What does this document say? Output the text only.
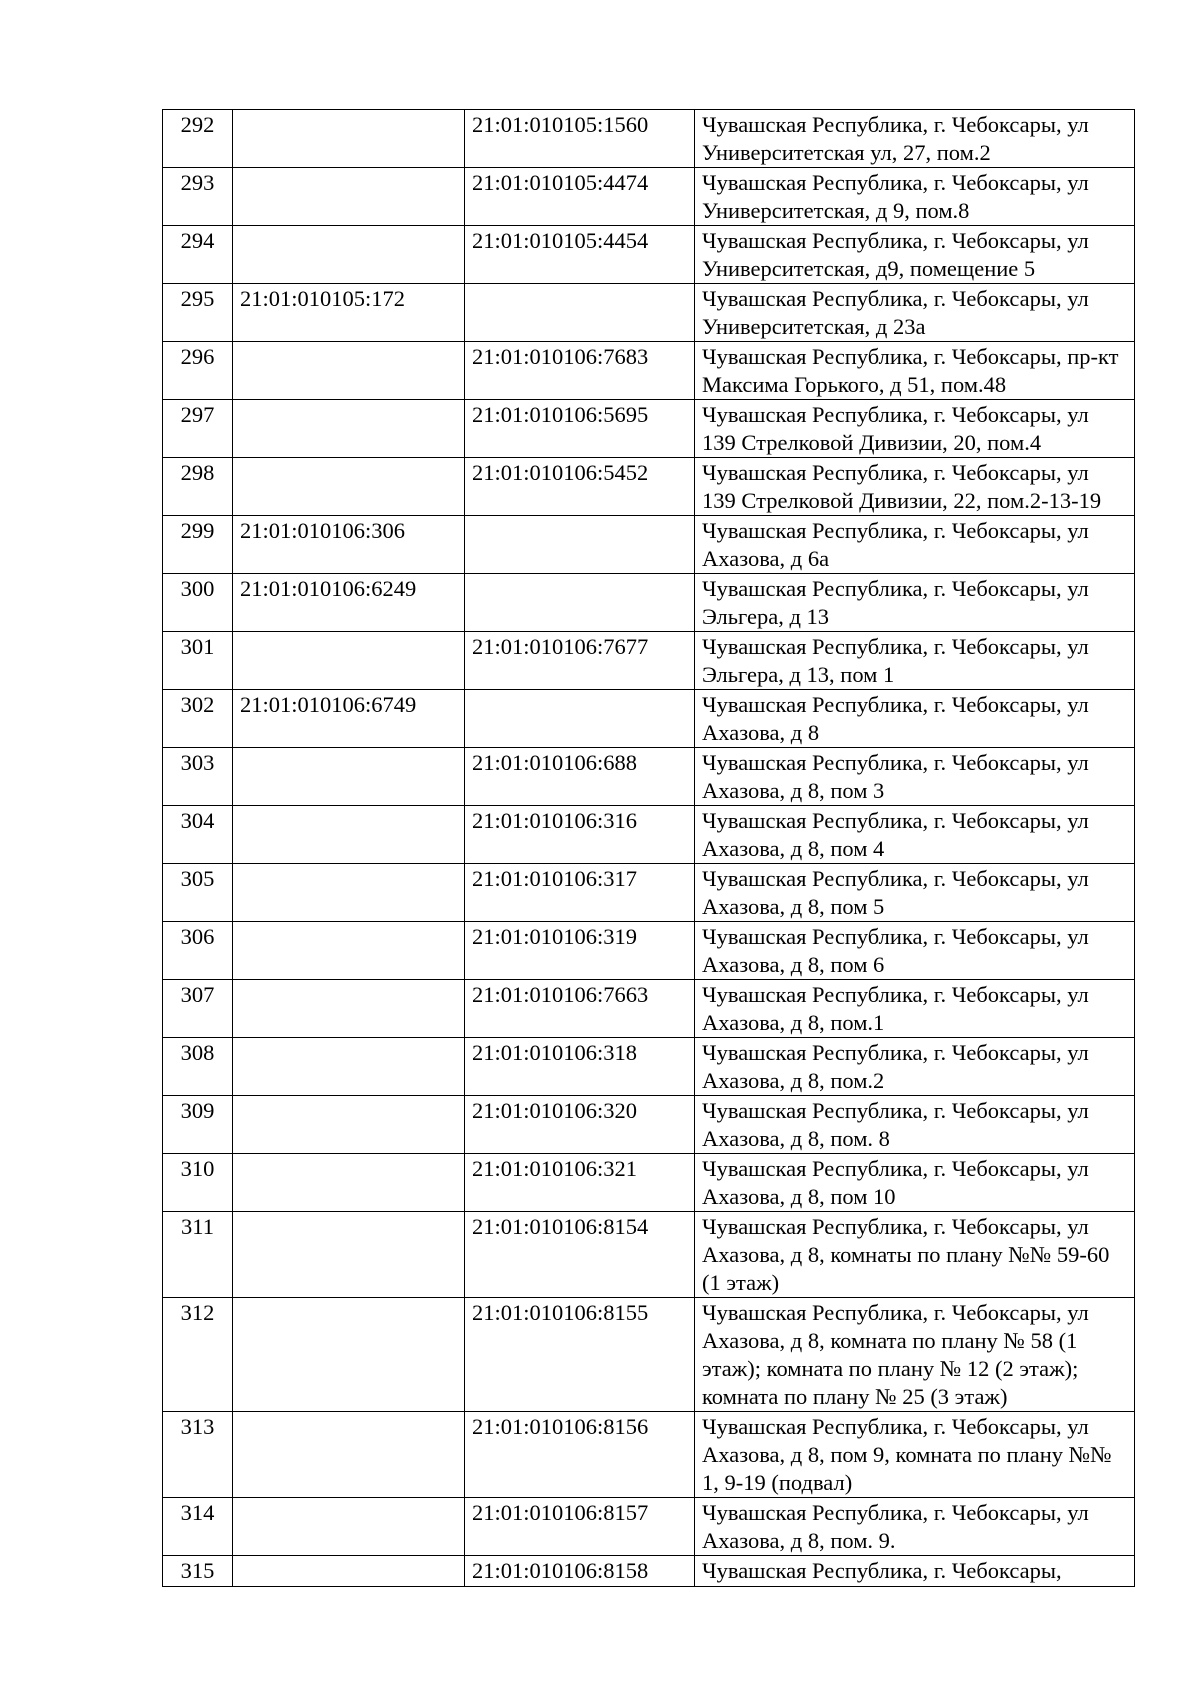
292		21:01:010105:1560	Чувашская Республика, г. Чебоксары, ул Университетская ул, 27, пом.2
293		21:01:010105:4474	Чувашская Республика, г. Чебоксары, ул Университетская, д 9, пом.8
294		21:01:010105:4454	Чувашская Республика, г. Чебоксары, ул Университетская, д9, помещение 5
295	21:01:010105:172		Чувашская Республика, г. Чебоксары, ул Университетская, д 23а
296		21:01:010106:7683	Чувашская Республика, г. Чебоксары, пр-кт Максима Горького, д 51, пом.48
297		21:01:010106:5695	Чувашская Республика, г. Чебоксары, ул 139 Стрелковой Дивизии, 20, пом.4
298		21:01:010106:5452	Чувашская Республика, г. Чебоксары, ул 139 Стрелковой Дивизии, 22, пом.2-13-19
299	21:01:010106:306		Чувашская Республика, г. Чебоксары, ул Ахазова, д 6а
300	21:01:010106:6249		Чувашская Республика, г. Чебоксары, ул Эльгера, д 13
301		21:01:010106:7677	Чувашская Республика, г. Чебоксары, ул Эльгера, д 13, пом 1
302	21:01:010106:6749		Чувашская Республика, г. Чебоксары, ул Ахазова, д 8
303		21:01:010106:688	Чувашская Республика, г. Чебоксары, ул Ахазова, д 8, пом 3
304		21:01:010106:316	Чувашская Республика, г. Чебоксары, ул Ахазова, д 8, пом 4
305		21:01:010106:317	Чувашская Республика, г. Чебоксары, ул Ахазова, д 8, пом 5
306		21:01:010106:319	Чувашская Республика, г. Чебоксары, ул Ахазова, д 8, пом 6
307		21:01:010106:7663	Чувашская Республика, г. Чебоксары, ул Ахазова, д 8, пом.1
308		21:01:010106:318	Чувашская Республика, г. Чебоксары, ул Ахазова, д 8, пом.2
309		21:01:010106:320	Чувашская Республика, г. Чебоксары, ул Ахазова, д 8, пом. 8
310		21:01:010106:321	Чувашская Республика, г. Чебоксары, ул Ахазова, д 8, пом 10
311		21:01:010106:8154	Чувашская Республика, г. Чебоксары, ул Ахазова, д 8, комнаты по плану №№ 59-60 (1 этаж)
312		21:01:010106:8155	Чувашская Республика, г. Чебоксары, ул Ахазова, д 8, комната по плану № 58 (1 этаж); комната по плану № 12 (2 этаж); комната по плану № 25 (3 этаж)
313		21:01:010106:8156	Чувашская Республика, г. Чебоксары, ул Ахазова, д 8, пом 9, комната по плану №№ 1, 9-19 (подвал)
314		21:01:010106:8157	Чувашская Республика, г. Чебоксары, ул Ахазова, д 8, пом. 9.
315		21:01:010106:8158	Чувашская Республика, г. Чебоксары,
